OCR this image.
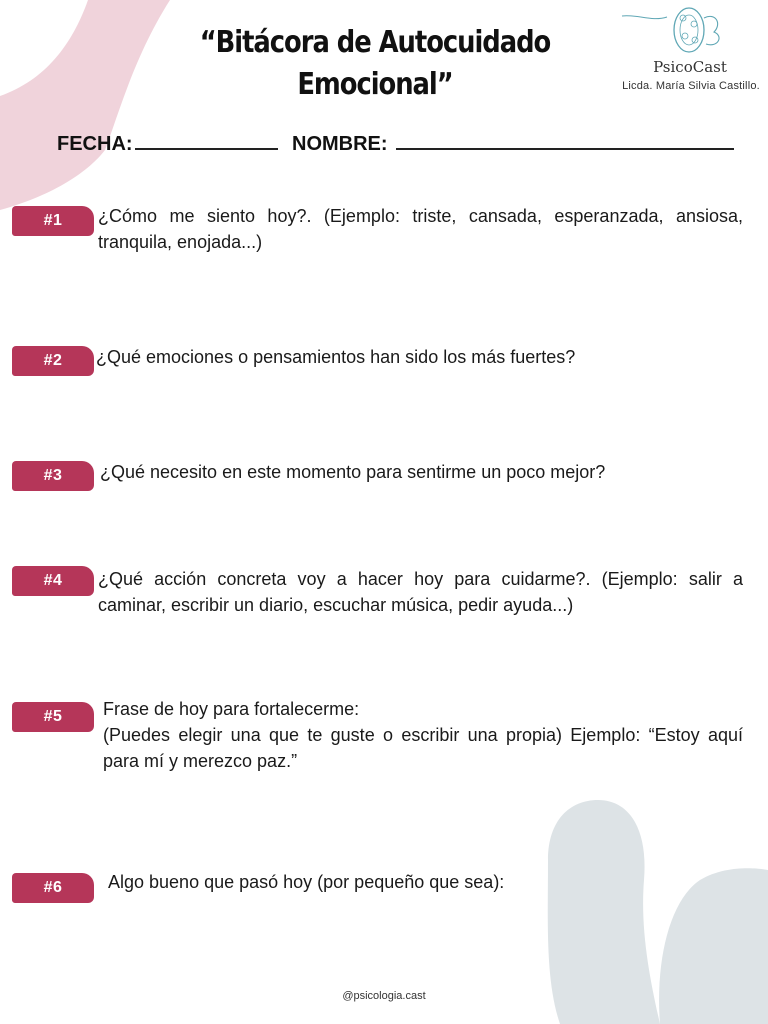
“Bitácora de Autocuidado Emocional”	PsicoCast
Licda. María Silvia Castillo.
FECHA:	NOMBRE:
#1	¿Cómo me siento hoy?. (Ejemplo: triste, cansada, esperanzada, ansiosa, tranquila, enojada...)
#2	¿Qué emociones o pensamientos han sido los más fuertes?
#3	¿Qué necesito en este momento para sentirme un poco mejor?
#4	¿Qué acción concreta voy a hacer hoy para cuidarme?. (Ejemplo: salir a caminar, escribir un diario, escuchar música, pedir ayuda...)
#5	Frase de hoy para fortalecerme:
(Puedes elegir una que te guste o escribir una propia) Ejemplo: “Estoy aquí para mí y merezco paz.”
#6	Algo bueno que pasó hoy (por pequeño que sea):
@psicologia.cast
